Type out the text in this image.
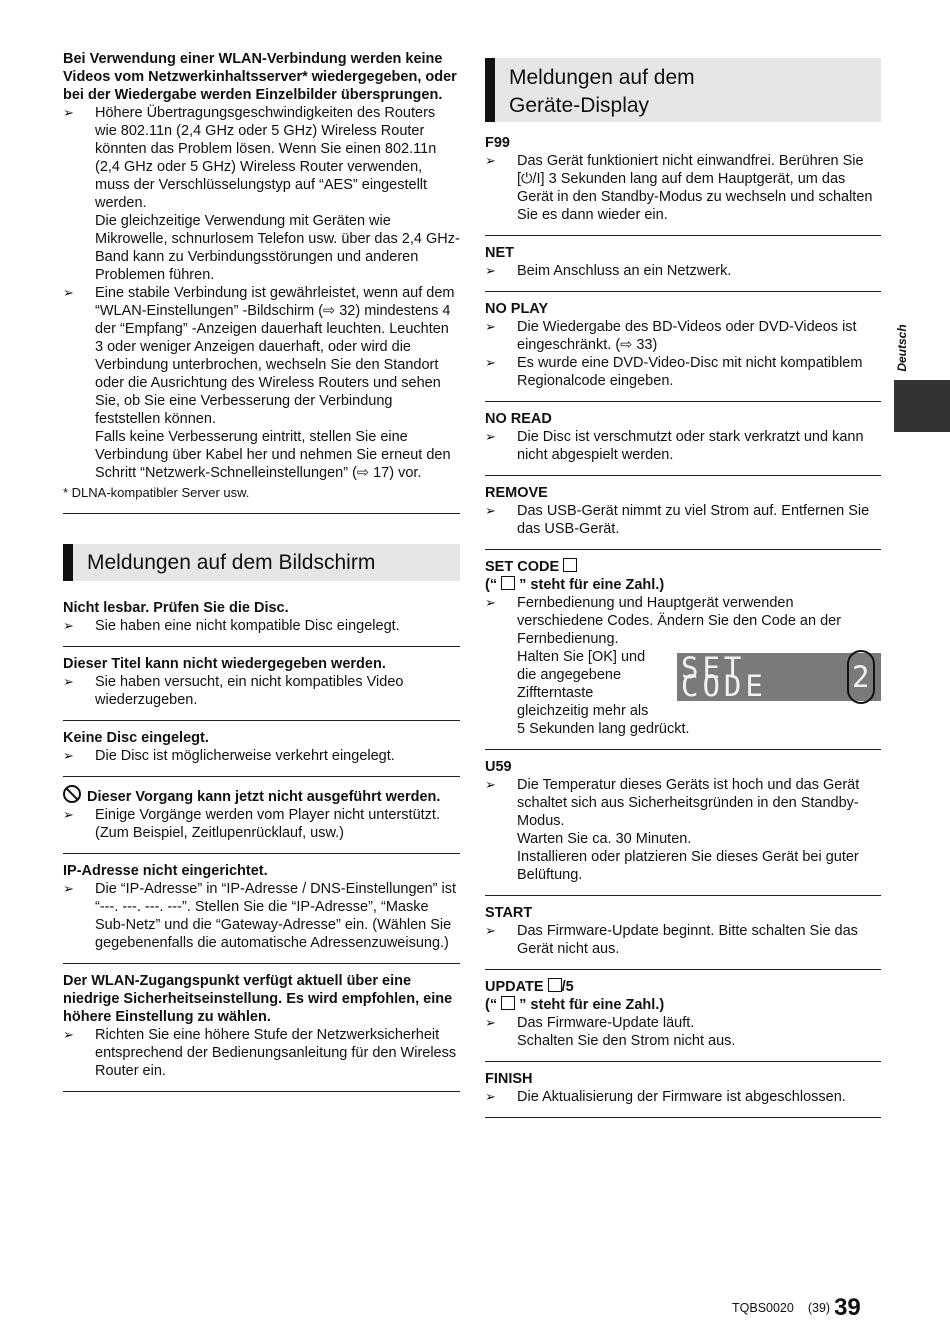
Bei Verwendung einer WLAN-Verbindung werden keine Videos vom Netzwerkinhaltsserver* wiedergegeben, oder bei der Wiedergabe werden Einzelbilder übersprungen.
➢ Höhere Übertragungsgeschwindigkeiten des Routers wie 802.11n (2,4 GHz oder 5 GHz) Wireless Router könnten das Problem lösen. Wenn Sie einen 802.11n (2,4 GHz oder 5 GHz) Wireless Router verwenden, muss der Verschlüsselungstyp auf “AES” eingestellt werden.
Die gleichzeitige Verwendung mit Geräten wie Mikrowelle, schnurlosem Telefon usw. über das 2,4 GHz-Band kann zu Verbindungsstörungen und anderen Problemen führen.
➢ Eine stabile Verbindung ist gewährleistet, wenn auf dem “WLAN-Einstellungen” -Bildschirm (⇨ 32) mindestens 4 der “Empfang” -Anzeigen dauerhaft leuchten. Leuchten 3 oder weniger Anzeigen dauerhaft, oder wird die Verbindung unterbrochen, wechseln Sie den Standort oder die Ausrichtung des Wireless Routers und sehen Sie, ob Sie eine Verbesserung der Verbindung feststellen können.
Falls keine Verbesserung eintritt, stellen Sie eine Verbindung über Kabel her und nehmen Sie erneut den Schritt “Netzwerk-Schnelleinstellungen” (⇨ 17) vor.
* DLNA-kompatibler Server usw.
Meldungen auf dem Bildschirm
Nicht lesbar. Prüfen Sie die Disc.
➢ Sie haben eine nicht kompatible Disc eingelegt.
Dieser Titel kann nicht wiedergegeben werden.
➢ Sie haben versucht, ein nicht kompatibles Video wiederzugeben.
Keine Disc eingelegt.
➢ Die Disc ist möglicherweise verkehrt eingelegt.
Dieser Vorgang kann jetzt nicht ausgeführt werden.
➢ Einige Vorgänge werden vom Player nicht unterstützt. (Zum Beispiel, Zeitlupenrücklauf, usw.)
IP-Adresse nicht eingerichtet.
➢ Die “IP-Adresse” in “IP-Adresse / DNS-Einstellungen” ist “---. ---. ---. ---”. Stellen Sie die “IP-Adresse”, “Maske Sub-Netz” und die “Gateway-Adresse” ein. (Wählen Sie gegebenenfalls die automatische Adressenzuweisung.)
Der WLAN-Zugangspunkt verfügt aktuell über eine niedrige Sicherheitseinstellung. Es wird empfohlen, eine höhere Einstellung zu wählen.
➢ Richten Sie eine höhere Stufe der Netzwerksicherheit entsprechend der Bedienungsanleitung für den Wireless Router ein.
Meldungen auf dem
Geräte-Display
F99
➢ Das Gerät funktioniert nicht einwandfrei. Berühren Sie [⏻/I] 3 Sekunden lang auf dem Hauptgerät, um das Gerät in den Standby-Modus zu wechseln und schalten Sie es dann wieder ein.
NET
➢ Beim Anschluss an ein Netzwerk.
NO PLAY
➢ Die Wiedergabe des BD-Videos oder DVD-Videos ist eingeschränkt. (⇨ 33)
➢ Es wurde eine DVD-Video-Disc mit nicht kompatiblem Regionalcode eingeben.
NO READ
➢ Die Disc ist verschmutzt oder stark verkratzt und kann nicht abgespielt werden.
REMOVE
➢ Das USB-Gerät nimmt zu viel Strom auf. Entfernen Sie das USB-Gerät.
SET CODE
(“ ” steht für eine Zahl.)
➢ Fernbedienung und Hauptgerät verwenden verschiedene Codes. Ändern Sie den Code an der Fernbedienung.
Halten Sie [OK] und
die angegebene
Ziffterntaste
gleichzeitig mehr als
5 Sekunden lang gedrückt.
SET CODE	2
U59
➢ Die Temperatur dieses Geräts ist hoch und das Gerät schaltet sich aus Sicherheitsgründen in den Standby-Modus.
Warten Sie ca. 30 Minuten.
Installieren oder platzieren Sie dieses Gerät bei guter Belüftung.
START
➢ Das Firmware-Update beginnt. Bitte schalten Sie das Gerät nicht aus.
UPDATE /5
(“ ” steht für eine Zahl.)
➢ Das Firmware-Update läuft.
Schalten Sie den Strom nicht aus.
FINISH
➢ Die Aktualisierung der Firmware ist abgeschlossen.
Deutsch
TQBS0020 (39) 39
